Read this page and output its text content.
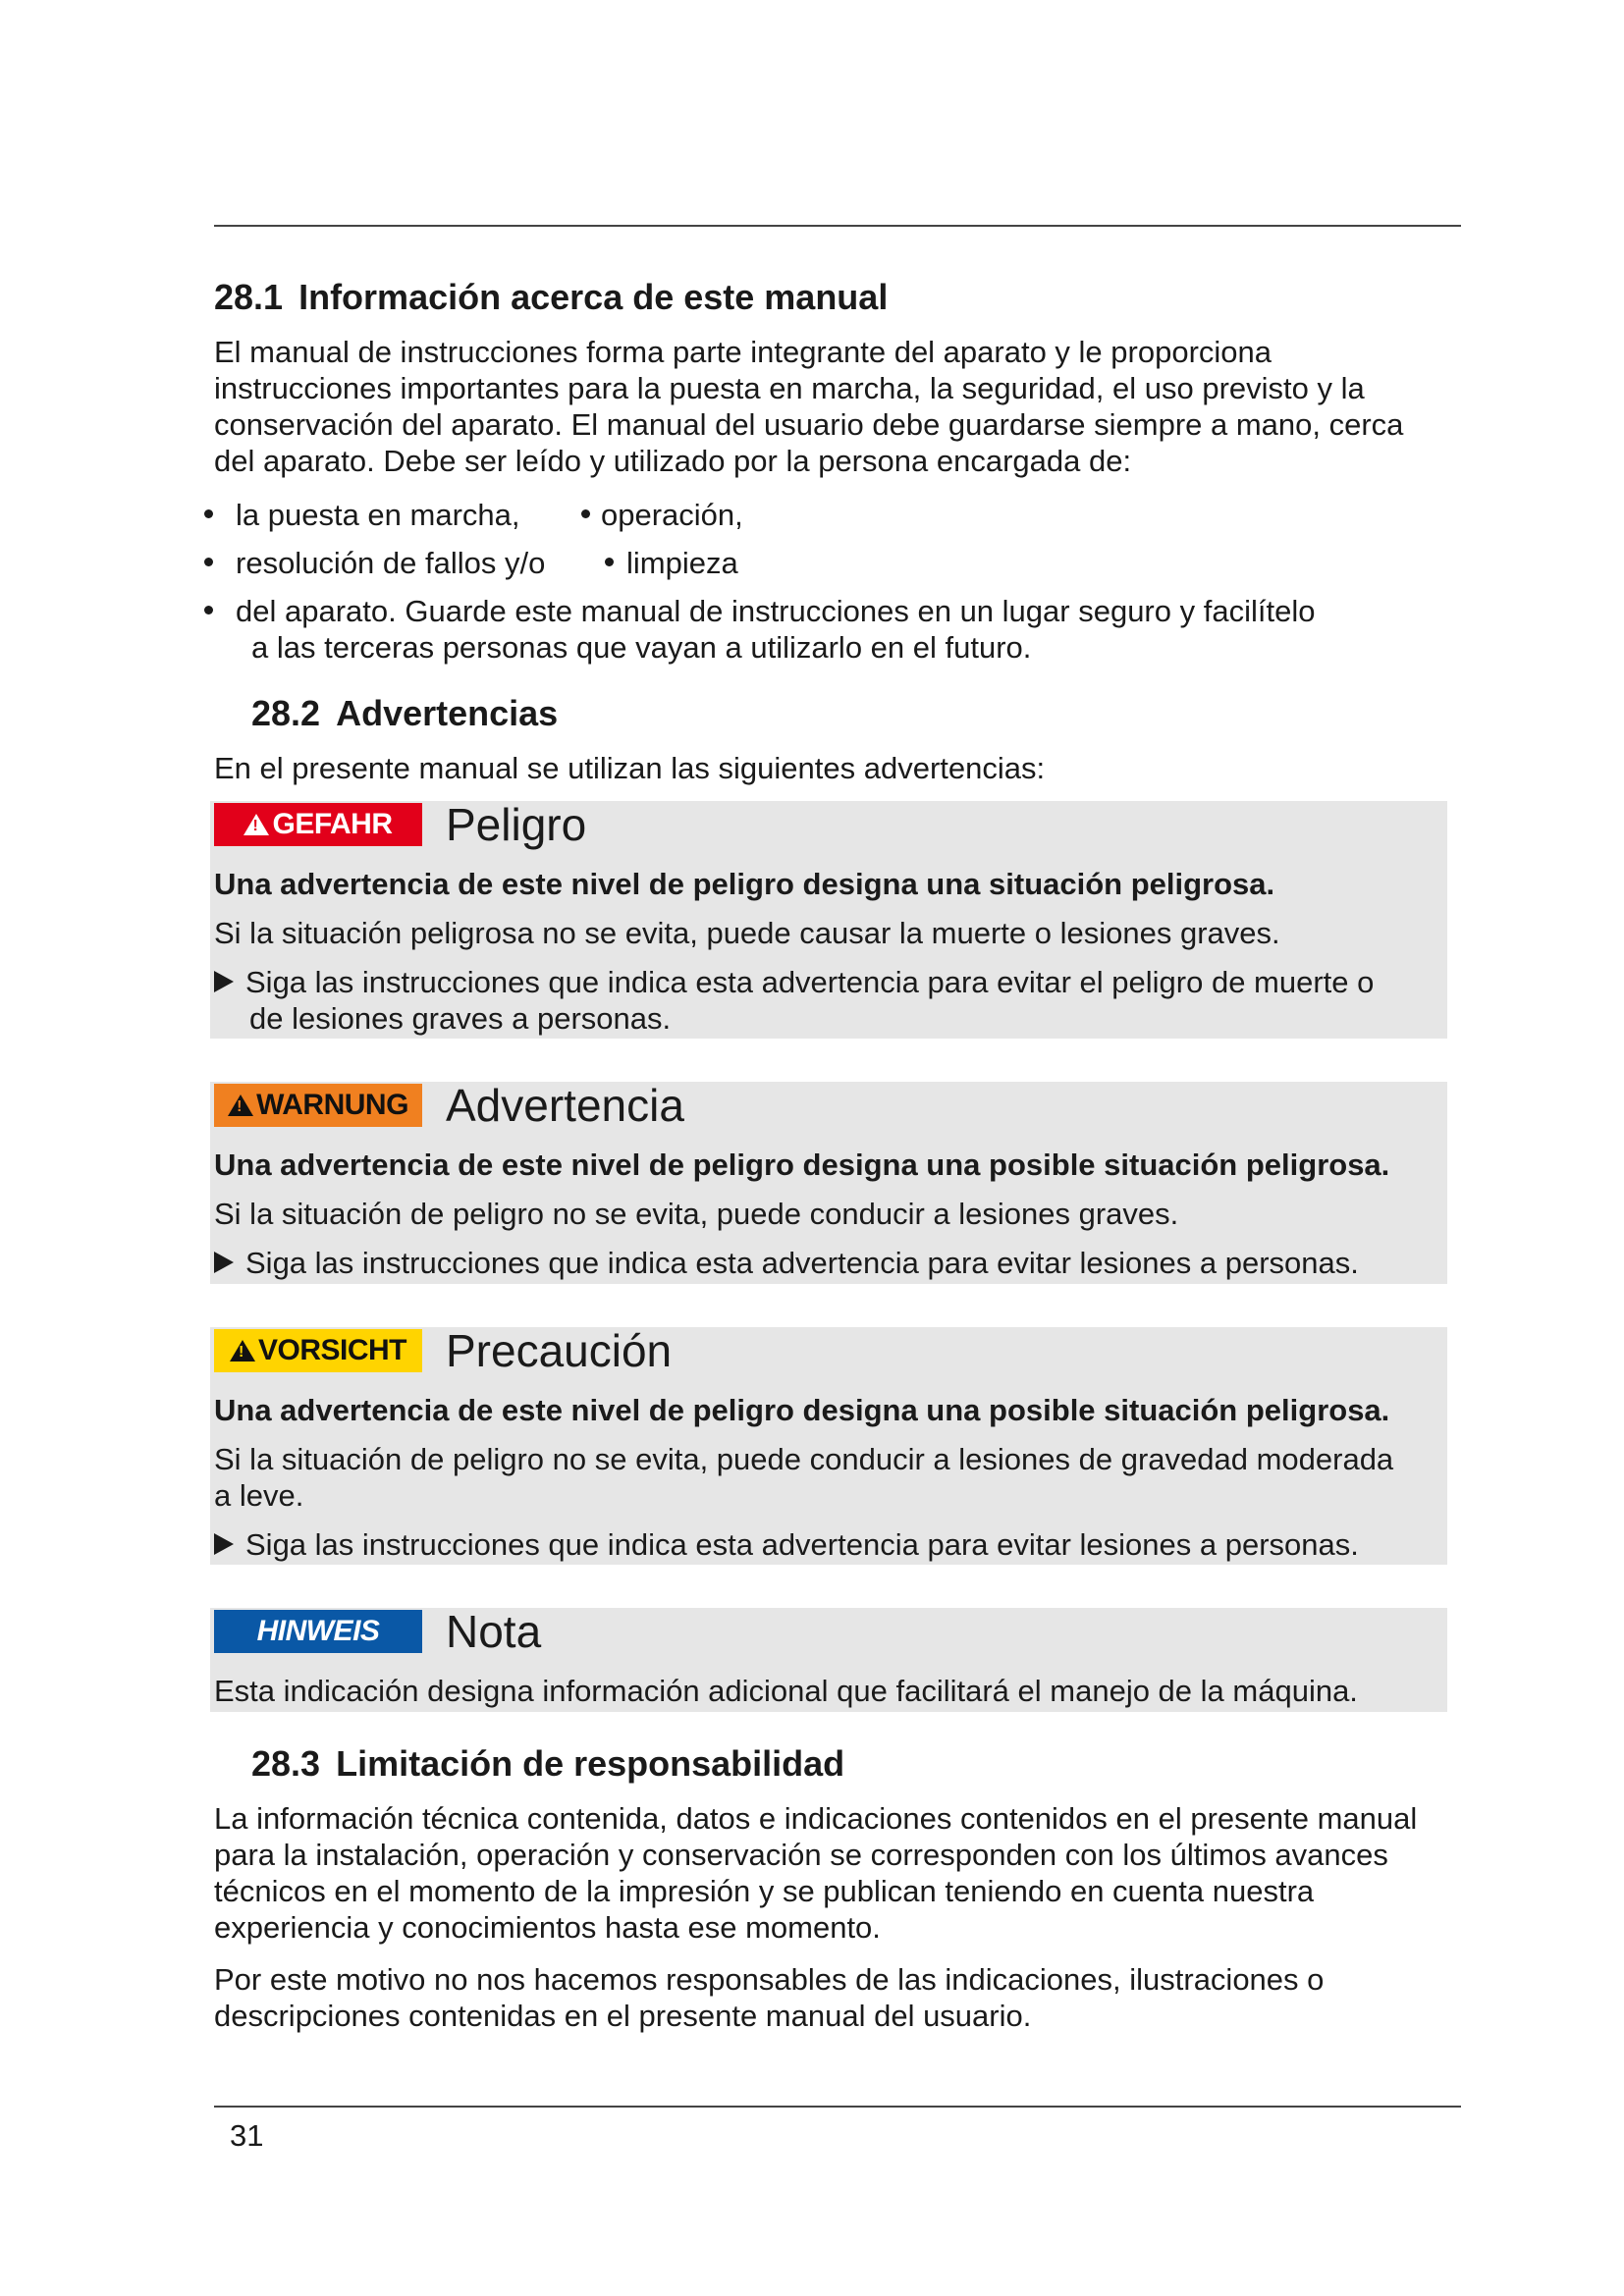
28.1 Información acerca de este manual
El manual de instrucciones forma parte integrante del aparato y le proporciona
instrucciones importantes para la puesta en marcha, la seguridad, el uso previsto y la
conservación del aparato. El manual del usuario debe guardarse siempre a mano, cerca
del aparato. Debe ser leído y utilizado por la persona encargada de:
la puesta en marcha,	operación,
resolución de fallos y/o	limpieza
del aparato. Guarde este manual de instrucciones en un lugar seguro y facilítelo
a las terceras personas que vayan a utilizarlo en el futuro.
28.2 Advertencias
En el presente manual se utilizan las siguientes advertencias:
!
GEFAHR Peligro
Una advertencia de este nivel de peligro designa una situación peligrosa.
Si la situación peligrosa no se evita, puede causar la muerte o lesiones graves.
Siga las instrucciones que indica esta advertencia para evitar el peligro de muerte o
de lesiones graves a personas.
!
WARNUNG Advertencia
Una advertencia de este nivel de peligro designa una posible situación peligrosa.
Si la situación de peligro no se evita, puede conducir a lesiones graves.
Siga las instrucciones que indica esta advertencia para evitar lesiones a personas.
!
VORSICHT Precaución
Una advertencia de este nivel de peligro designa una posible situación peligrosa.
Si la situación de peligro no se evita, puede conducir a lesiones de gravedad moderada
a leve.
Siga las instrucciones que indica esta advertencia para evitar lesiones a personas.
HINWEIS Nota
Esta indicación designa información adicional que facilitará el manejo de la máquina.
28.3 Limitación de responsabilidad
La información técnica contenida, datos e indicaciones contenidos en el presente manual
para la instalación, operación y conservación se corresponden con los últimos avances
técnicos en el momento de la impresión y se publican teniendo en cuenta nuestra
experiencia y conocimientos hasta ese momento.
Por este motivo no nos hacemos responsables de las indicaciones, ilustraciones o
descripciones contenidas en el presente manual del usuario.
31
